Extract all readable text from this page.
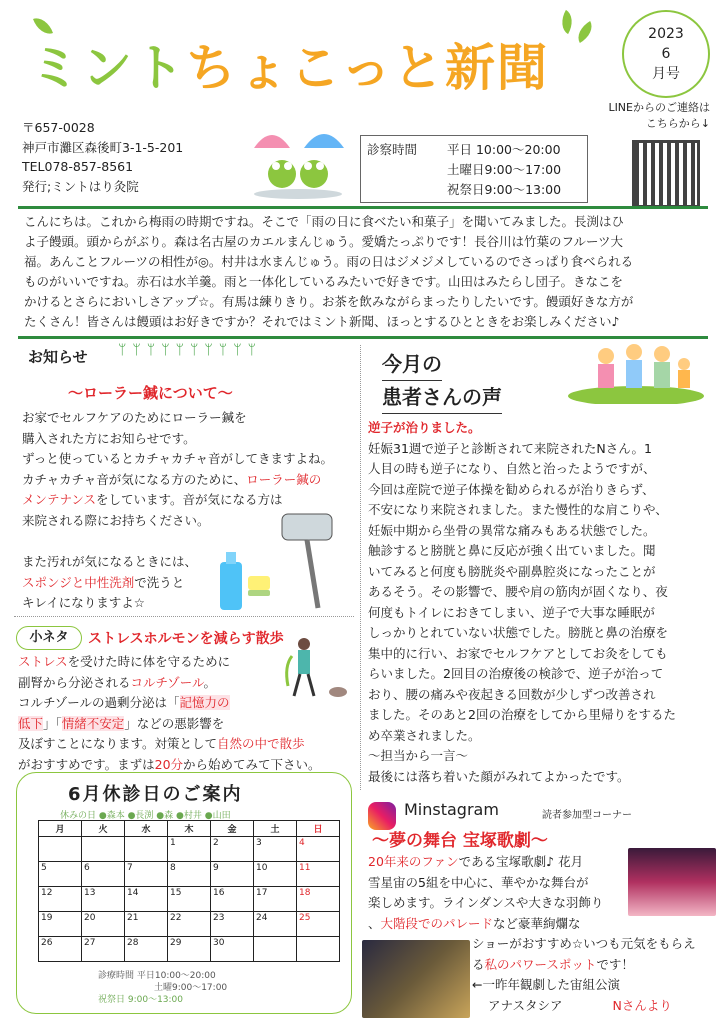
ミントちょこっと新聞
2023
6
月号
LINEからのご連絡は
こちらから↓
〒657-0028
神戸市灘区森後町3-1-5-201
TEL078-857-8561
発行;ミントはり灸院
診察時間 平日 10:00〜20:00
土曜日9:00〜17:00
祝祭日9:00〜13:00
こんにちは。これから梅雨の時期ですね。そこで「雨の日に食べたい和菓子」を聞いてみました。長渕はひ
よ子饅頭。頭からがぶり。森は名古屋のカエルまんじゅう。愛嬌たっぷりです！長谷川は竹葉のフルーツ大
福。あんことフルーツの相性が◎。村井は水まんじゅう。雨の日はジメジメしているのでさっぱり食べられる
ものがいいですね。赤石は水羊羹。雨と一体化しているみたいで好きです。山田はみたらし団子。きなこを
かけるとさらにおいしさアップ☆。有馬は練りきり。お茶を飲みながらまったりしたいです。饅頭好きな方が
たくさん！皆さんは饅頭はお好きですか？それではミント新聞、ほっとするひとときをお楽しみください♪
お知らせ ᛘᛘᛘᛘᛘᛘᛘᛘᛘᛘ
〜ローラー鍼について〜
お家でセルフケアのためにローラー鍼を
購入された方にお知らせです。
ずっと使っているとカチャカチャ音がしてきますよね。
カチャカチャ音が気になる方のために、ローラー鍼の
メンテナンスをしています。音が気になる方は
来院される際にお持ちください。
また汚れが気になるときには、
スポンジと中性洗剤で洗うと
キレイになりますよ☆
小ネタ	ストレスホルモンを減らす散歩
ストレスを受けた時に体を守るために
副腎から分泌されるコルチゾール。
コルチゾールの過剰分泌は「記憶力の
低下」「情緒不安定」などの悪影響を
及ぼすことになります。対策として自然の中で散歩
がおすすめです。まずは20分から始めてみて下さい。
6月休診日のご案内
休みの日 ●森本 ●長渕 ●森 ●村井 ●山田
月	火	水	木	金	土	日
			1	2	3	4
5	6	7	8	9	10	11
12	13	14	15	16	17	18
19	20	21	22	23	24	25
26	27	28	29	30		
診療時間 平日10:00〜20:00
土曜9:00〜17:00
祝祭日 9:00〜13:00
今月の
患者さんの声
逆子が治りました。
妊娠31週で逆子と診断されて来院されたNさん。1
人目の時も逆子になり、自然と治ったようですが、
今回は産院で逆子体操を勧められるが治りきらず、
不安になり来院されました。また慢性的な肩こりや、
妊娠中期から坐骨の異常な痛みもある状態でした。
触診すると膀胱と鼻に反応が強く出ていました。聞
いてみると何度も膀胱炎や副鼻腔炎になったことが
あるそう。その影響で、腰や肩の筋肉が固くなり、夜
何度もトイレにおきてしまい、逆子で大事な睡眠が
しっかりとれていない状態でした。膀胱と鼻の治療を
集中的に行い、お家でセルフケアとしてお灸をしても
らいました。2回目の治療後の検診で、逆子が治って
おり、腰の痛みや夜起きる回数が少しずつ改善され
ました。そのあと2回の治療をしてから里帰りをするた
め卒業されました。
〜担当から一言〜
最後には落ち着いた顔がみれてよかったです。
Minstagram	読者参加型コーナー
〜夢の舞台 宝塚歌劇〜
20年来のファンである宝塚歌劇♪ 花月
雪星宙の5組を中心に、華やかな舞台が
楽しめます。ラインダンスや大きな羽飾り
、大階段でのパレードなど豪華絢爛な
ショーがおすすめ☆いつも元気をもらえ
る私のパワースポットです！
←一昨年観劇した宙組公演
アナスタシア	Nさんより
